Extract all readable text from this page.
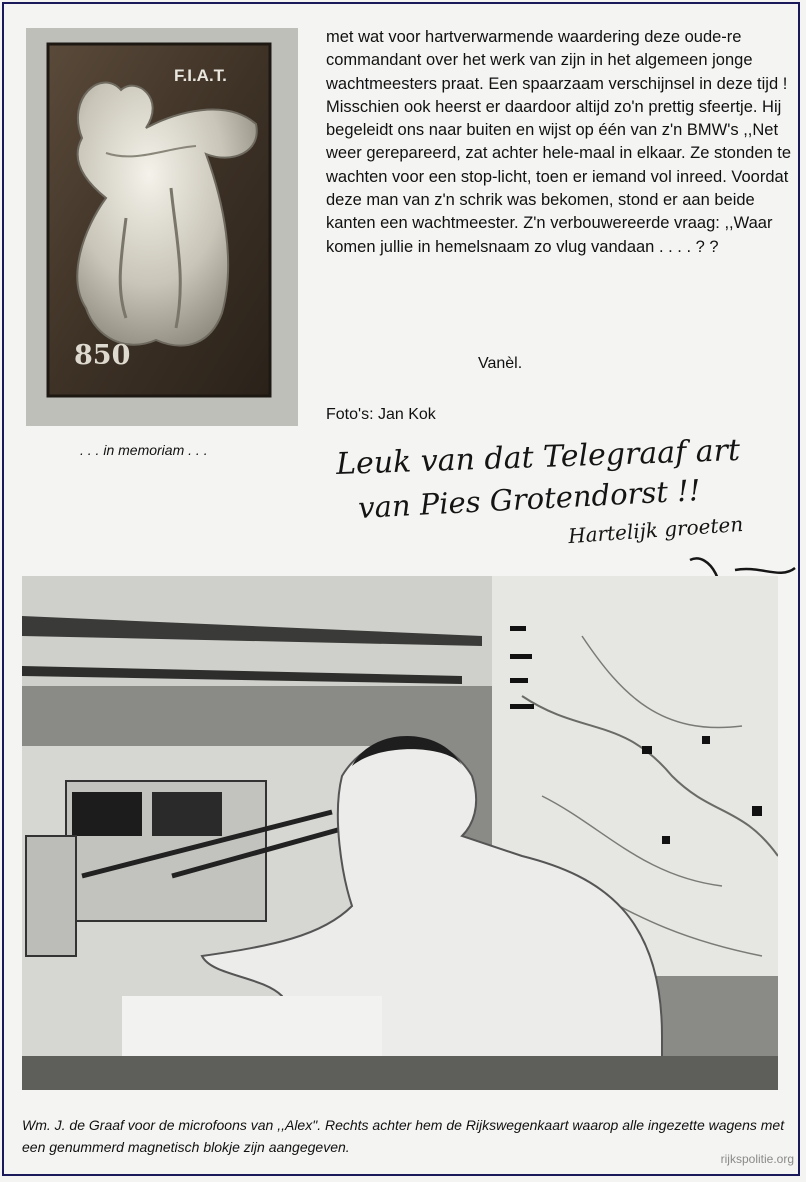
F.I.A.T.
850
. . . in memoriam . . .

met wat voor hartverwarmende waardering deze oude-re commandant over het werk van zijn in het algemeen jonge wachtmeesters praat. Een spaarzaam verschijnsel in deze tijd !

Misschien ook heerst er daardoor altijd zo'n prettig sfeertje. Hij begeleidt ons naar buiten en wijst op één van z'n BMW's ,,Net weer gerepareerd, zat achter hele-maal in elkaar. Ze stonden te wachten voor een stop-licht, toen er iemand vol inreed. Voordat deze man van z'n schrik was bekomen, stond er aan beide kanten een wachtmeester. Z'n verbouwereerde vraag: ,,Waar komen jullie in hemelsnaam zo vlug vandaan . . . . ? ?

Vanèl.
Foto's: Jan Kok
Leuk van dat Telegraaf art
van Pies Grotendorst !!
Hartelijk groeten
Wm. J. de Graaf voor de microfoons van ,,Alex". Rechts achter hem de Rijkswegenkaart waarop alle ingezette wagens met een genummerd magnetisch blokje zijn aangegeven.
rijkspolitie.org
